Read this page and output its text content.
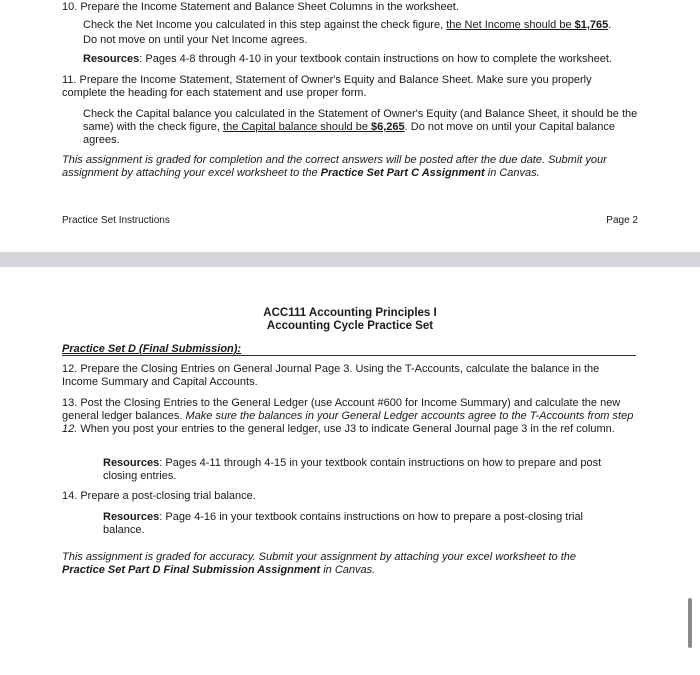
10. Prepare the Income Statement and Balance Sheet Columns in the worksheet.

Check the Net Income you calculated in this step against the check figure, the Net Income should be $1,765.

Do not move on until your Net Income agrees.

Resources: Pages 4-8 through 4-10 in your textbook contain instructions on how to complete the worksheet.

11. Prepare the Income Statement, Statement of Owner's Equity and Balance Sheet. Make sure you properly complete the heading for each statement and use proper form.

Check the Capital balance you calculated in the Statement of Owner's Equity (and Balance Sheet, it should be the same) with the check figure, the Capital balance should be $6,265. Do not move on until your Capital balance agrees.

This assignment is graded for completion and the correct answers will be posted after the due date. Submit your assignment by attaching your excel worksheet to the Practice Set Part C Assignment in Canvas.

Practice Set Instructions	Page 2

ACC111 Accounting Principles I

Accounting Cycle Practice Set

Practice Set D (Final Submission):

12. Prepare the Closing Entries on General Journal Page 3. Using the T-Accounts, calculate the balance in the Income Summary and Capital Accounts.

13. Post the Closing Entries to the General Ledger (use Account #600 for Income Summary) and calculate the new general ledger balances. Make sure the balances in your General Ledger accounts agree to the T-Accounts from step 12. When you post your entries to the general ledger, use J3 to indicate General Journal page 3 in the ref column.

Resources: Pages 4-11 through 4-15 in your textbook contain instructions on how to prepare and post closing entries.

14. Prepare a post-closing trial balance.

Resources: Page 4-16 in your textbook contains instructions on how to prepare a post-closing trial balance.

This assignment is graded for accuracy. Submit your assignment by attaching your excel worksheet to the Practice Set Part D Final Submission Assignment in Canvas.
